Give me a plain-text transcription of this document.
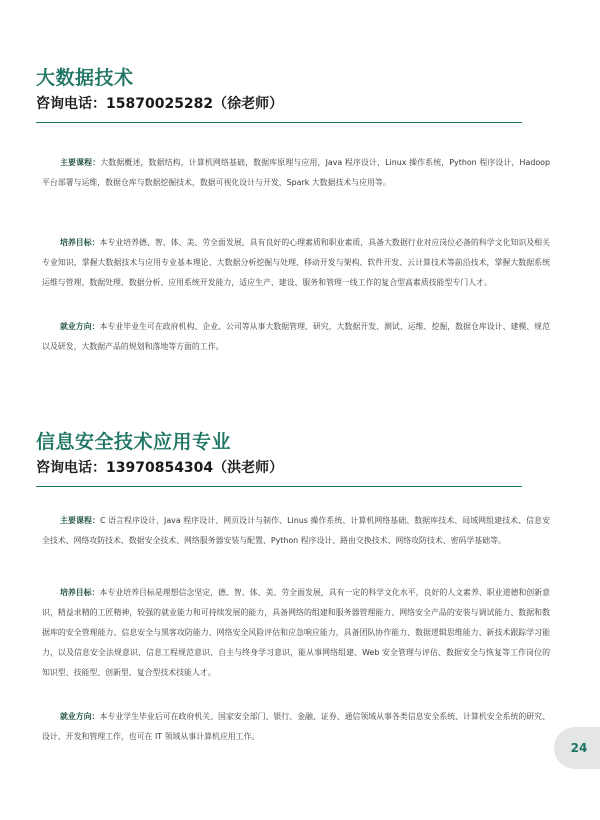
大数据技术
咨询电话：15870025282（徐老师）
主要课程：大数据概述，数据结构，计算机网络基础，数据库原理与应用，Java 程序设计，Linux 操作系统，Python 程序设计，Hadoop 平台部署与运维，数据仓库与数据挖掘技术，数据可视化设计与开发，Spark 大数据技术与应用等。
培养目标：本专业培养德、智、体、美、劳全面发展，具有良好的心理素质和职业素质，具备大数据行业对应岗位必备的科学文化知识及相关专业知识，掌握大数据技术与应用专业基本理论、大数据分析挖掘与处理、移动开发与架构、软件开发、云计算技术等前沿技术，掌握大数据系统运维与管理、数据处理、数据分析、应用系统开发能力，适应生产、建设、服务和管理一线工作的复合型高素质技能型专门人才。
就业方向：本专业毕业生可在政府机构、企业、公司等从事大数据管理、研究，大数据开发、测试、运维、挖掘，数据仓库设计、建模、规范以及研发，大数据产品的规划和落地等方面的工作。
信息安全技术应用专业
咨询电话：13970854304（洪老师）
主要课程：C 语言程序设计、Java 程序设计、网页设计与制作、Linus 操作系统、计算机网络基础、数据库技术、局域网组建技术、信息安全技术、网络攻防技术、数据安全技术、网络服务器安装与配置、Python 程序设计、路由交换技术、网络攻防技术、密码学基础等。
培养目标：本专业培养目标是理想信念坚定，德、智、体、美、劳全面发展，具有一定的科学文化水平，良好的人文素养、职业道德和创新意识，精益求精的工匠精神，较强的就业能力和可持续发展的能力，具备网络的组建和服务器管理能力、网络安全产品的安装与调试能力、数据和数据库的安全管理能力、信息安全与黑客攻防能力、网络安全风险评估和应急响应能力，具备团队协作能力、数据逻辑思维能力、新技术跟踪学习能力，以及信息安全法规意识、信息工程规范意识、自主与终身学习意识，能从事网络组建、Web 安全管理与评估、数据安全与恢复等工作岗位的知识型、技能型、创新型、复合型技术技能人才。
就业方向：本专业学生毕业后可在政府机关、国家安全部门、银行、金融、证券、通信领域从事各类信息安全系统、计算机安全系统的研究、设计、开发和管理工作，也可在 IT 领域从事计算机应用工作。
24
